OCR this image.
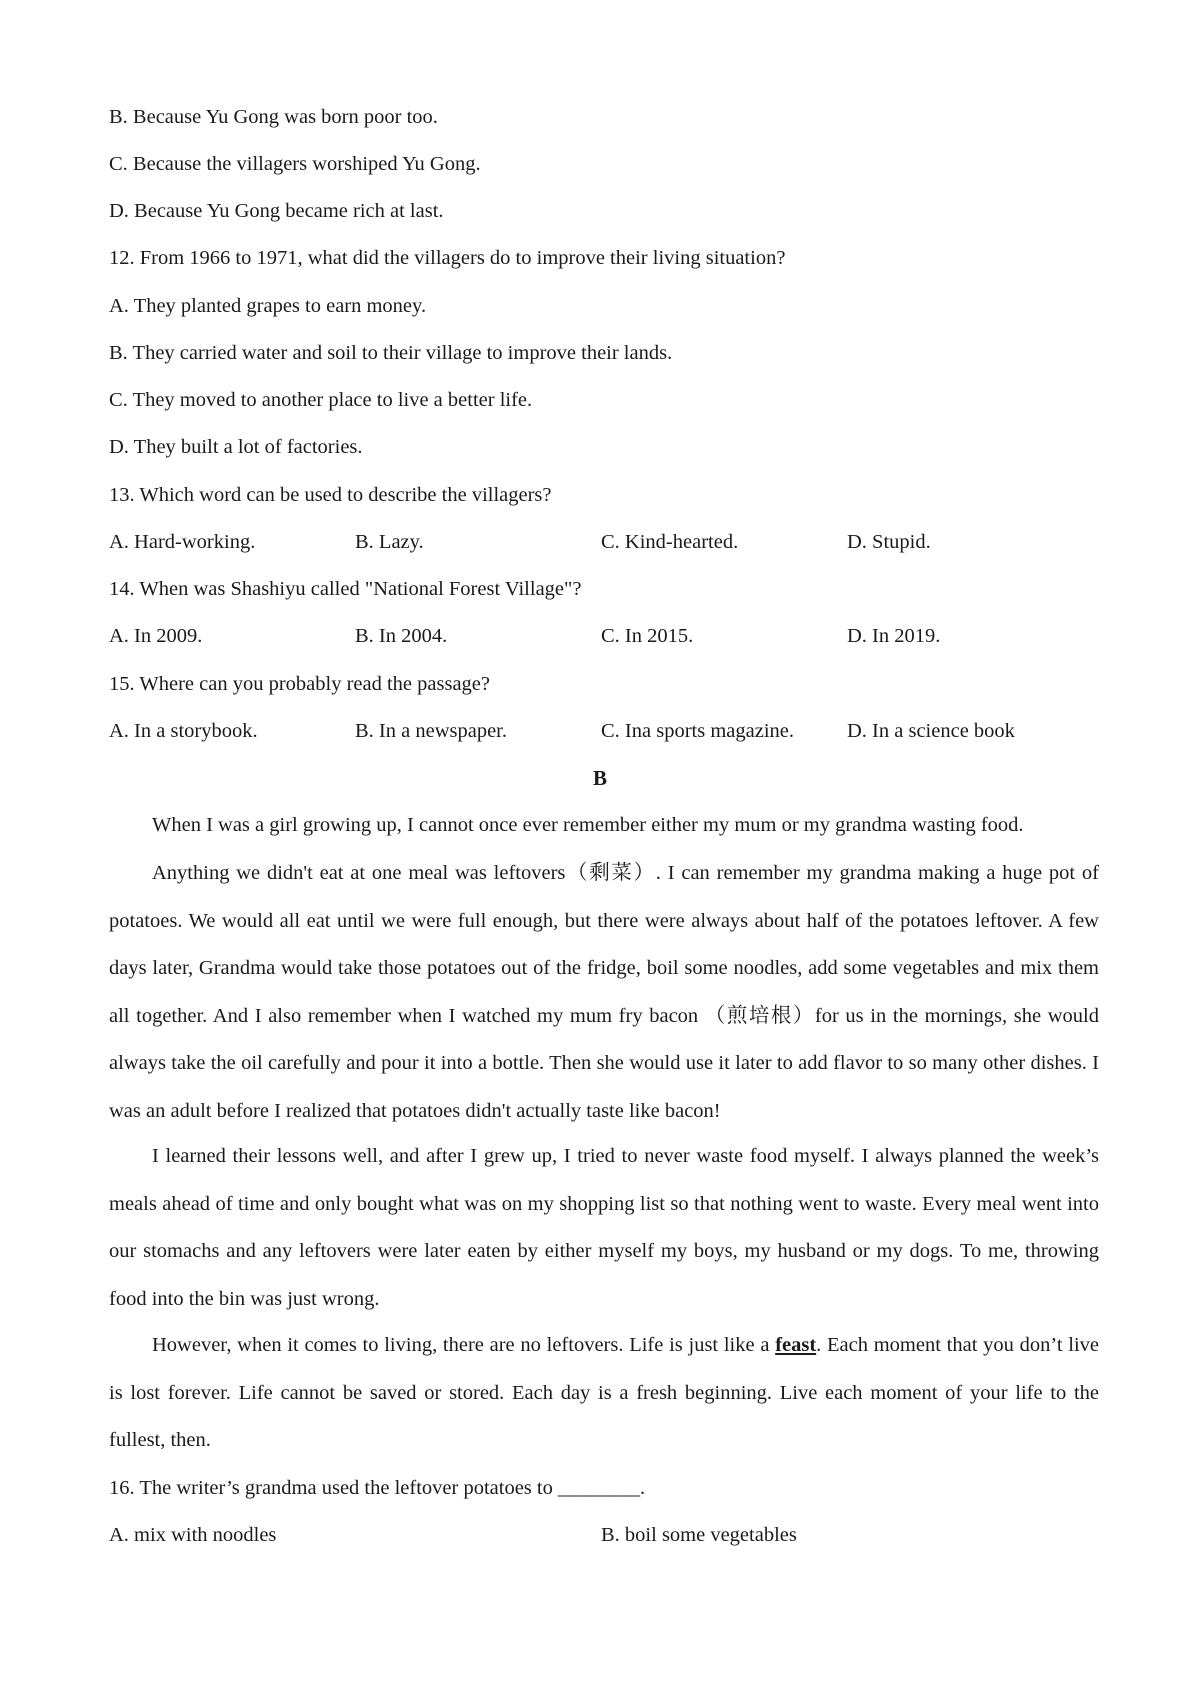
B. Because Yu Gong was born poor too.
C. Because the villagers worshiped Yu Gong.
D. Because Yu Gong became rich at last.
12. From 1966 to 1971, what did the villagers do to improve their living situation?
A. They planted grapes to earn money.
B. They carried water and soil to their village to improve their lands.
C. They moved to another place to live a better life.
D. They built a lot of factories.
13. Which word can be used to describe the villagers?
A. Hard-working.	B. Lazy.	C. Kind-hearted.	D. Stupid.
14. When was Shashiyu called "National Forest Village"?
A. In 2009.	B. In 2004.	C. In 2015.	D. In 2019.
15. Where can you probably read the passage?
A. In a storybook.	B. In a newspaper.	C. Ina sports magazine.	D. In a science book
B
When I was a girl growing up, I cannot once ever remember either my mum or my grandma wasting food.
Anything we didn't eat at one meal was leftovers（剩菜）. I can remember my grandma making a huge pot of potatoes. We would all eat until we were full enough, but there were always about half of the potatoes leftover. A few days later, Grandma would take those potatoes out of the fridge, boil some noodles, add some vegetables and mix them all together. And I also remember when I watched my mum fry bacon （煎培根）for us in the mornings, she would always take the oil carefully and pour it into a bottle. Then she would use it later to add flavor to so many other dishes. I was an adult before I realized that potatoes didn't actually taste like bacon!
I learned their lessons well, and after I grew up, I tried to never waste food myself. I always planned the week’s meals ahead of time and only bought what was on my shopping list so that nothing went to waste. Every meal went into our stomachs and any leftovers were later eaten by either myself my boys, my husband or my dogs. To me, throwing food into the bin was just wrong.
However, when it comes to living, there are no leftovers. Life is just like a feast. Each moment that you don’t live is lost forever. Life cannot be saved or stored. Each day is a fresh beginning. Live each moment of your life to the fullest, then.
16. The writer’s grandma used the leftover potatoes to ________.
A. mix with noodles	B. boil some vegetables
